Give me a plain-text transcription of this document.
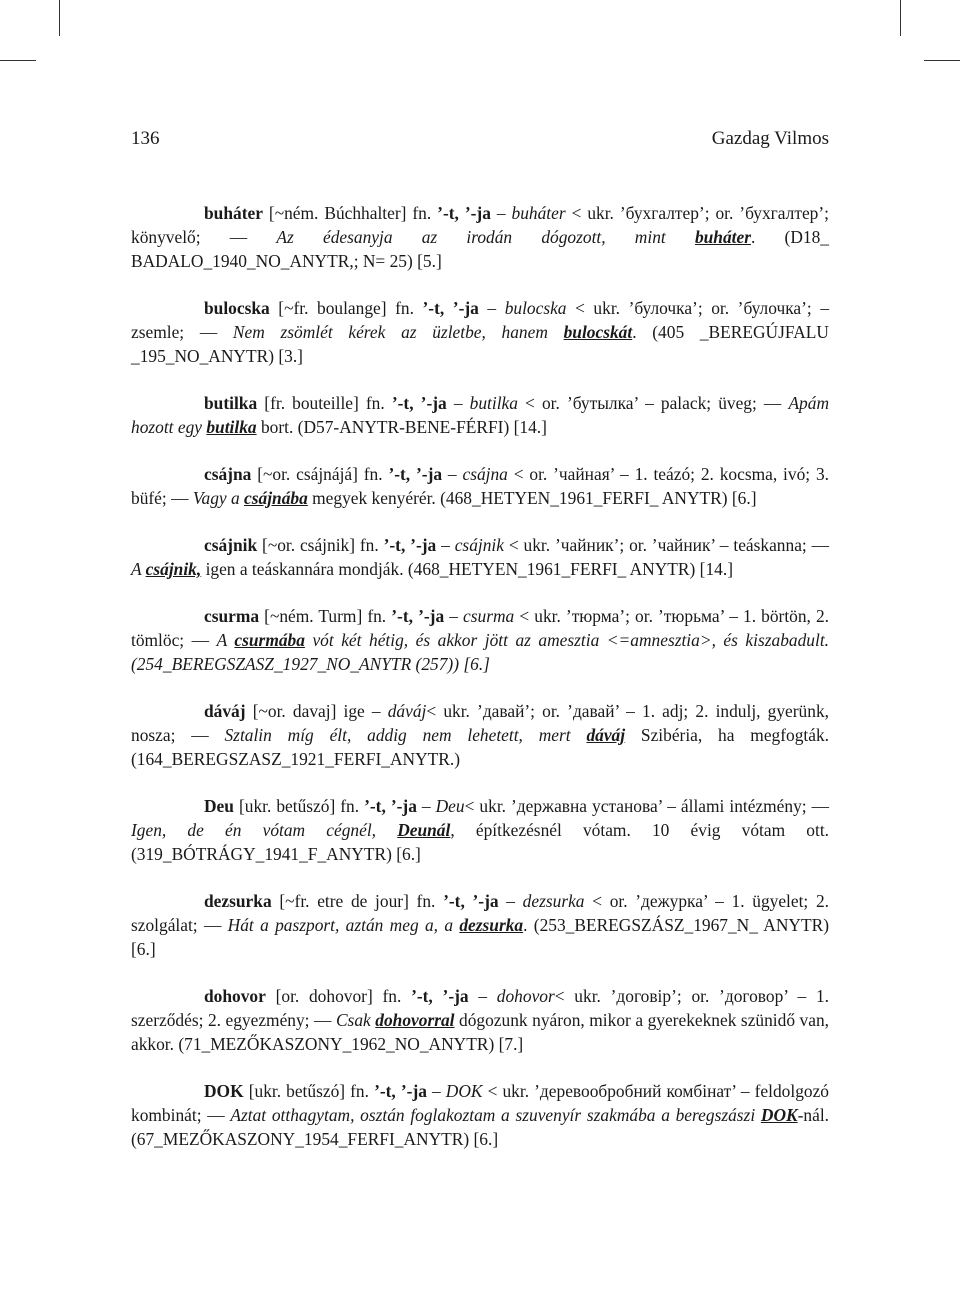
136	Gazdag Vilmos

buháter [~ném. Búchhalter] fn. ’-t, ’-ja – buháter < ukr. ’бухгалтер’; or. ’бухгалтер’; könyvelő; — Az édesanyja az irodán dógozott, mint buháter. (D18_ BADALO_1940_NO_ANYTR,; N= 25) [5.]

bulocska [~fr. boulange] fn. ’-t, ’-ja – bulocska < ukr. ’булочка’; or. ’булочка’; – zsemle; — Nem zsömlét kérek az üzletbe, hanem bulocskát. (405 _BEREGÚJFALU _195_NO_ANYTR) [3.]

butilka [fr. bouteille] fn. ’-t, ’-ja – butilka < or. ’бутылка’ – palack; üveg; — Apám hozott egy butilka bort. (D57-ANYTR-BENE-FÉRFI) [14.]

csájna [~or. csájnájá] fn. ’-t, ’-ja – csájna < or. ’чайная’ – 1. teázó; 2. kocsma, ivó; 3. büfé; — Vagy a csájnába megyek kenyérér. (468_HETYEN_1961_FERFI_ ANYTR) [6.]

csájnik [~or. csájnik] fn. ’-t, ’-ja – csájnik < ukr. ’чайник’; or. ’чайник’ – teáskanna; — A csájnik, igen a teáskannára mondják. (468_HETYEN_1961_FERFI_ ANYTR) [14.]

csurma [~ném. Turm] fn. ’-t, ’-ja – csurma < ukr. ’тюрма’; or. ’тюрьма’ – 1. börtön, 2. tömlöc; — A csurmába vót két hétig, és akkor jött az amesztia <=amnesztia>, és kiszabadult. (254_BEREGSZASZ_1927_NO_ANYTR (257)) [6.]

dáváj [~or. davaj] ige – dáváj< ukr. ’давай’; or. ’давай’ – 1. adj; 2. indulj, gyerünk, nosza; — Sztalin míg élt, addig nem lehetett, mert dáváj Szibéria, ha megfogták. (164_BEREGSZASZ_1921_FERFI_ANYTR.)

Deu [ukr. betűszó] fn. ’-t, ’-ja – Deu< ukr. ’державна установа’ – állami intézmény; — Igen, de én vótam cégnél, Deunál, építkezésnél vótam. 10 évig vótam ott. (319_BÓTRÁGY_1941_F_ANYTR) [6.]

dezsurka [~fr. etre de jour] fn. ’-t, ’-ja – dezsurka < or. ’дежурка’ – 1. ügyelet; 2. szolgálat; — Hát a paszport, aztán meg a, a dezsurka. (253_BEREGSZÁSZ_1967_N_ ANYTR) [6.]

dohovor [or. dohovor] fn. ’-t, ’-ja – dohovor< ukr. ’договір’; or. ’договор’ – 1. szerződés; 2. egyezmény; — Csak dohovorral dógozunk nyáron, mikor a gyerekeknek szünidő van, akkor. (71_MEZŐKASZONY_1962_NO_ANYTR) [7.]

DOK [ukr. betűszó] fn. ’-t, ’-ja – DOK < ukr. ’деревообробний комбінат’ – feldolgozó kombinát; — Aztat otthagytam, osztán foglakoztam a szuvenyír szakmába a beregszászi DOK-nál. (67_MEZŐKASZONY_1954_FERFI_ANYTR) [6.]
